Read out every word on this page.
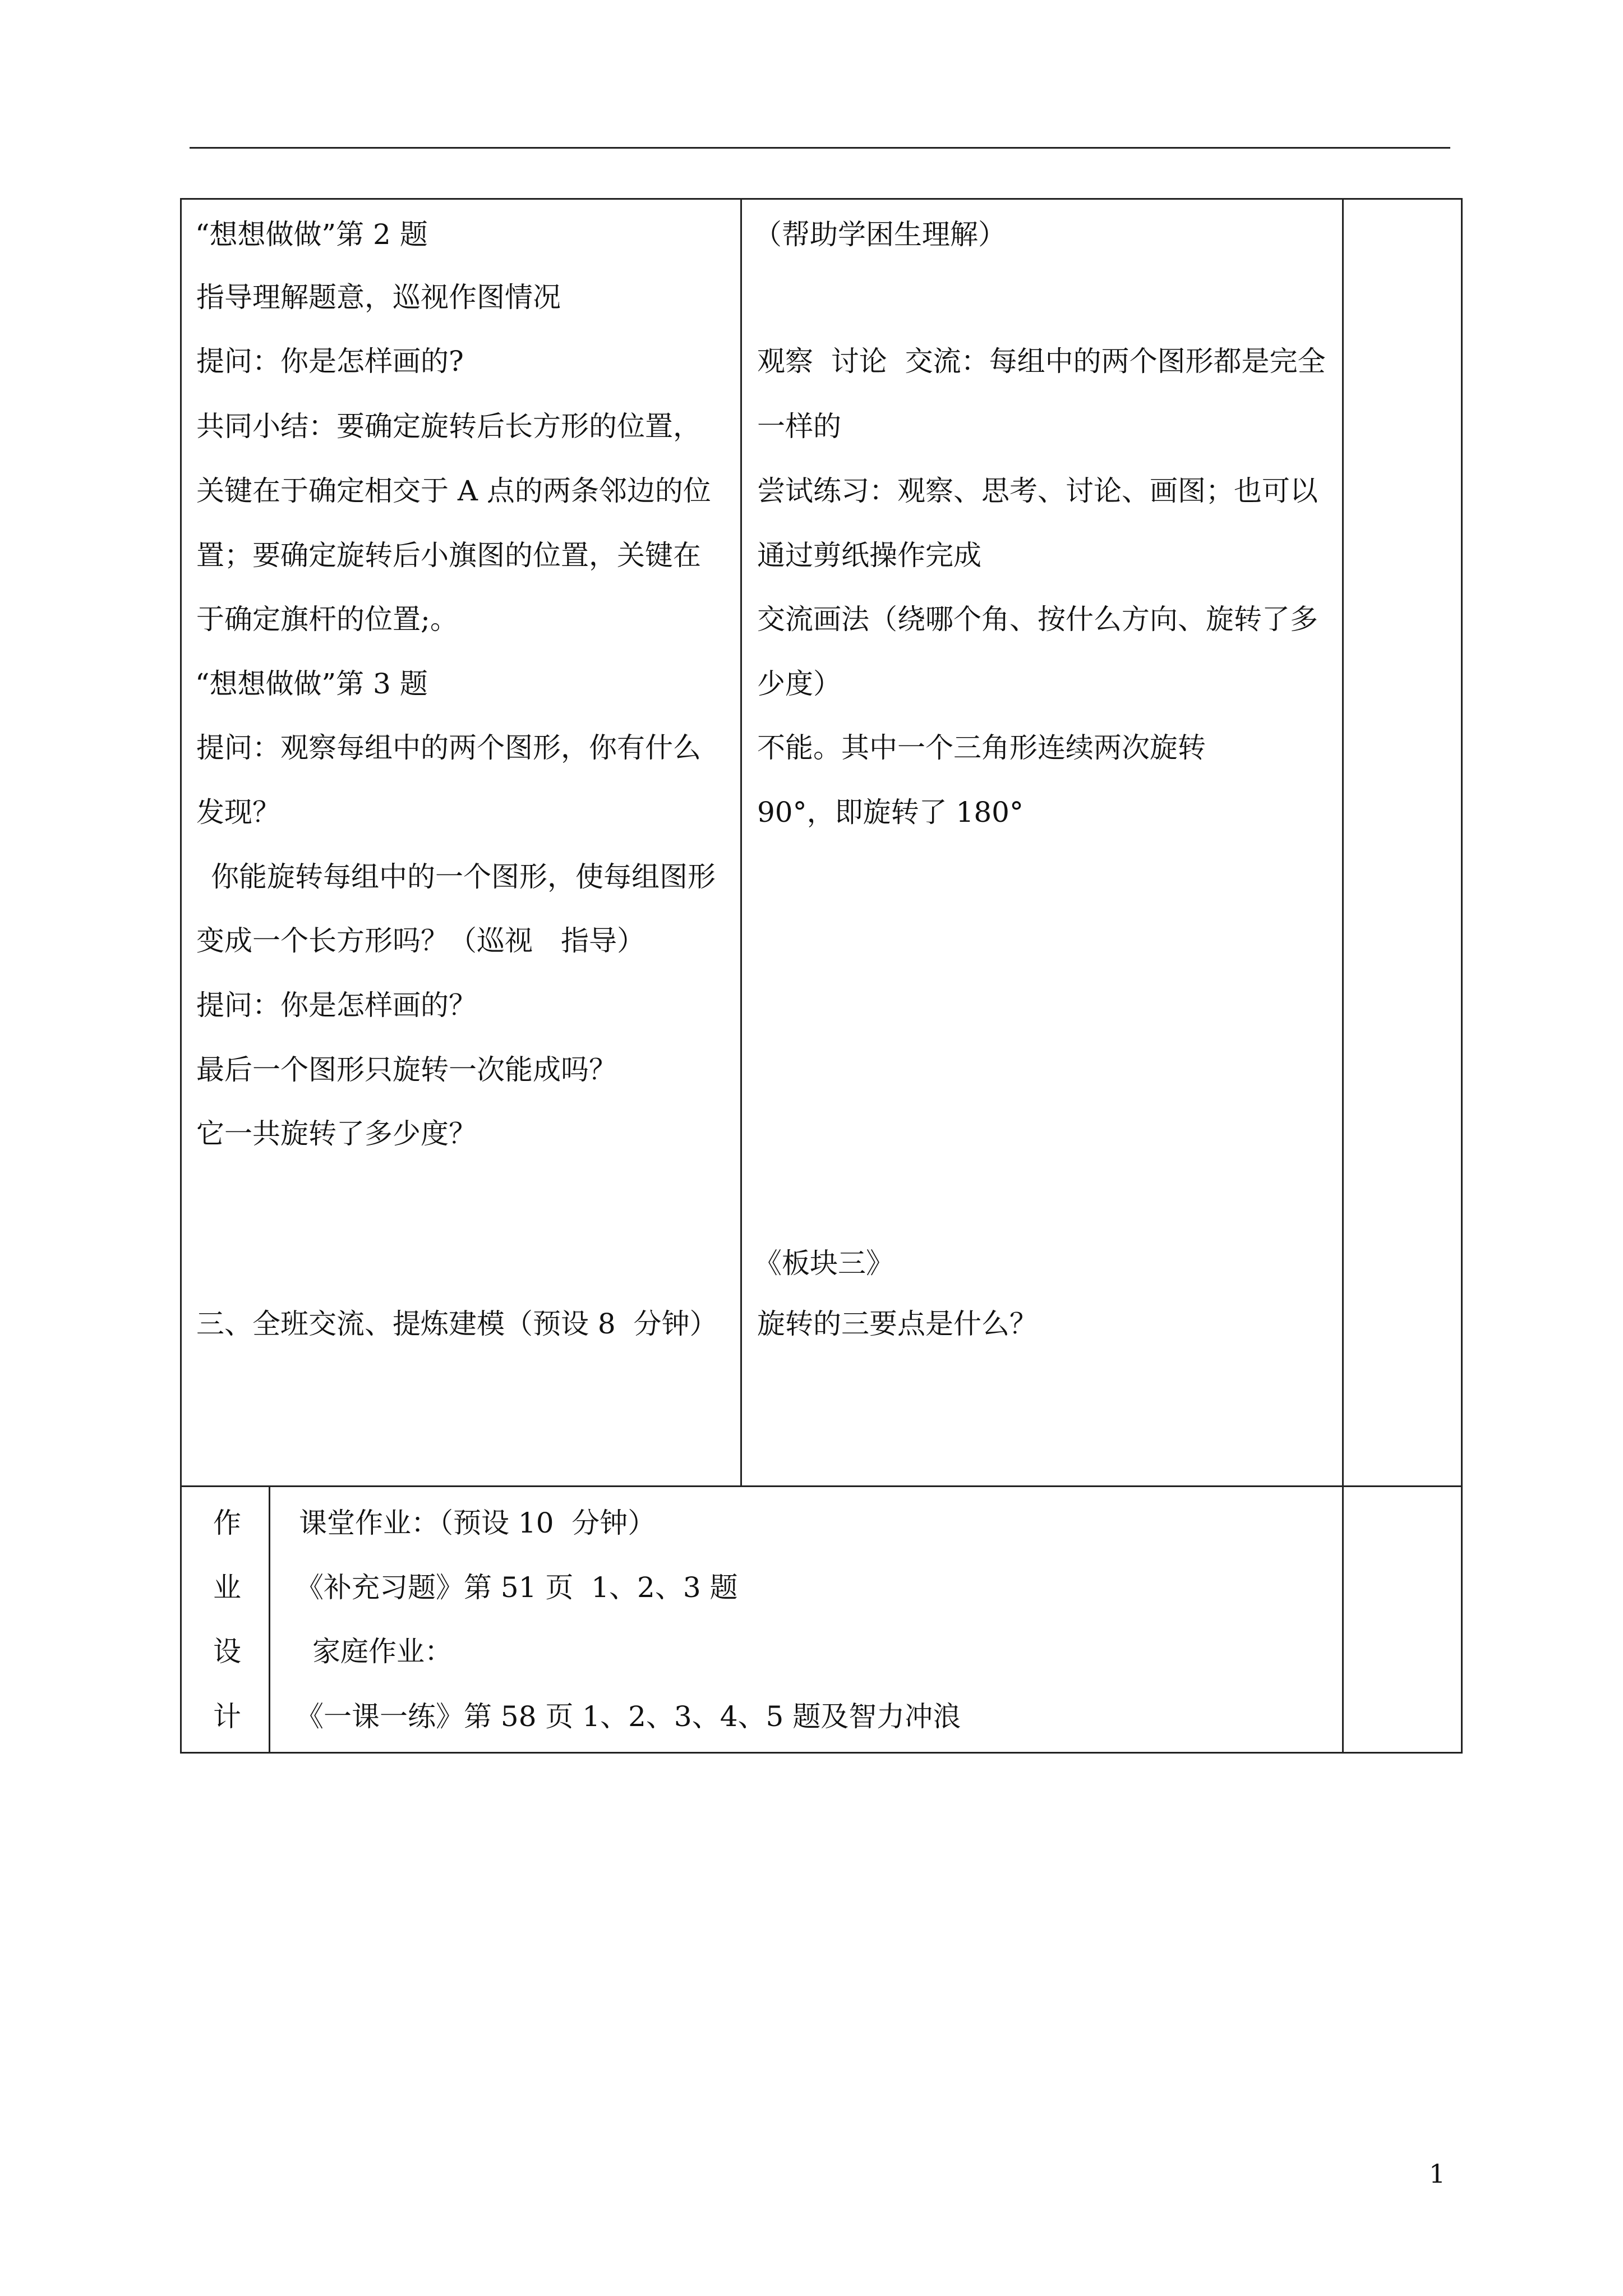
“想想做做”第 2 题
指导理解题意，巡视作图情况
提问：你是怎样画的?
共同小结：要确定旋转后长方形的位置，
关键在于确定相交于 A 点的两条邻边的位
置；要确定旋转后小旗图的位置，关键在
于确定旗杆的位置;。
“想想做做”第 3 题
提问：观察每组中的两个图形，你有什么
发现？
你能旋转每组中的一个图形，使每组图形
变成一个长方形吗？（巡视　指导）
提问：你是怎样画的？
最后一个图形只旋转一次能成吗？
它一共旋转了多少度？
三、全班交流、提炼建模（预设 8  分钟）
（帮助学困生理解）
观察  讨论  交流：每组中的两个图形都是完全
一样的
尝试练习：观察、思考、讨论、画图；也可以
通过剪纸操作完成
交流画法（绕哪个角、按什么方向、旋转了多
少度）
不能。其中一个三角形连续两次旋转
90°，即旋转了 180°
《板块三》
旋转的三要点是什么？
作
业
设
计
课堂作业：（预设 10  分钟）
《补充习题》第 51 页  1、2、3 题
家庭作业：
《一课一练》第 58 页 1、2、3、4、5 题及智力冲浪
1
